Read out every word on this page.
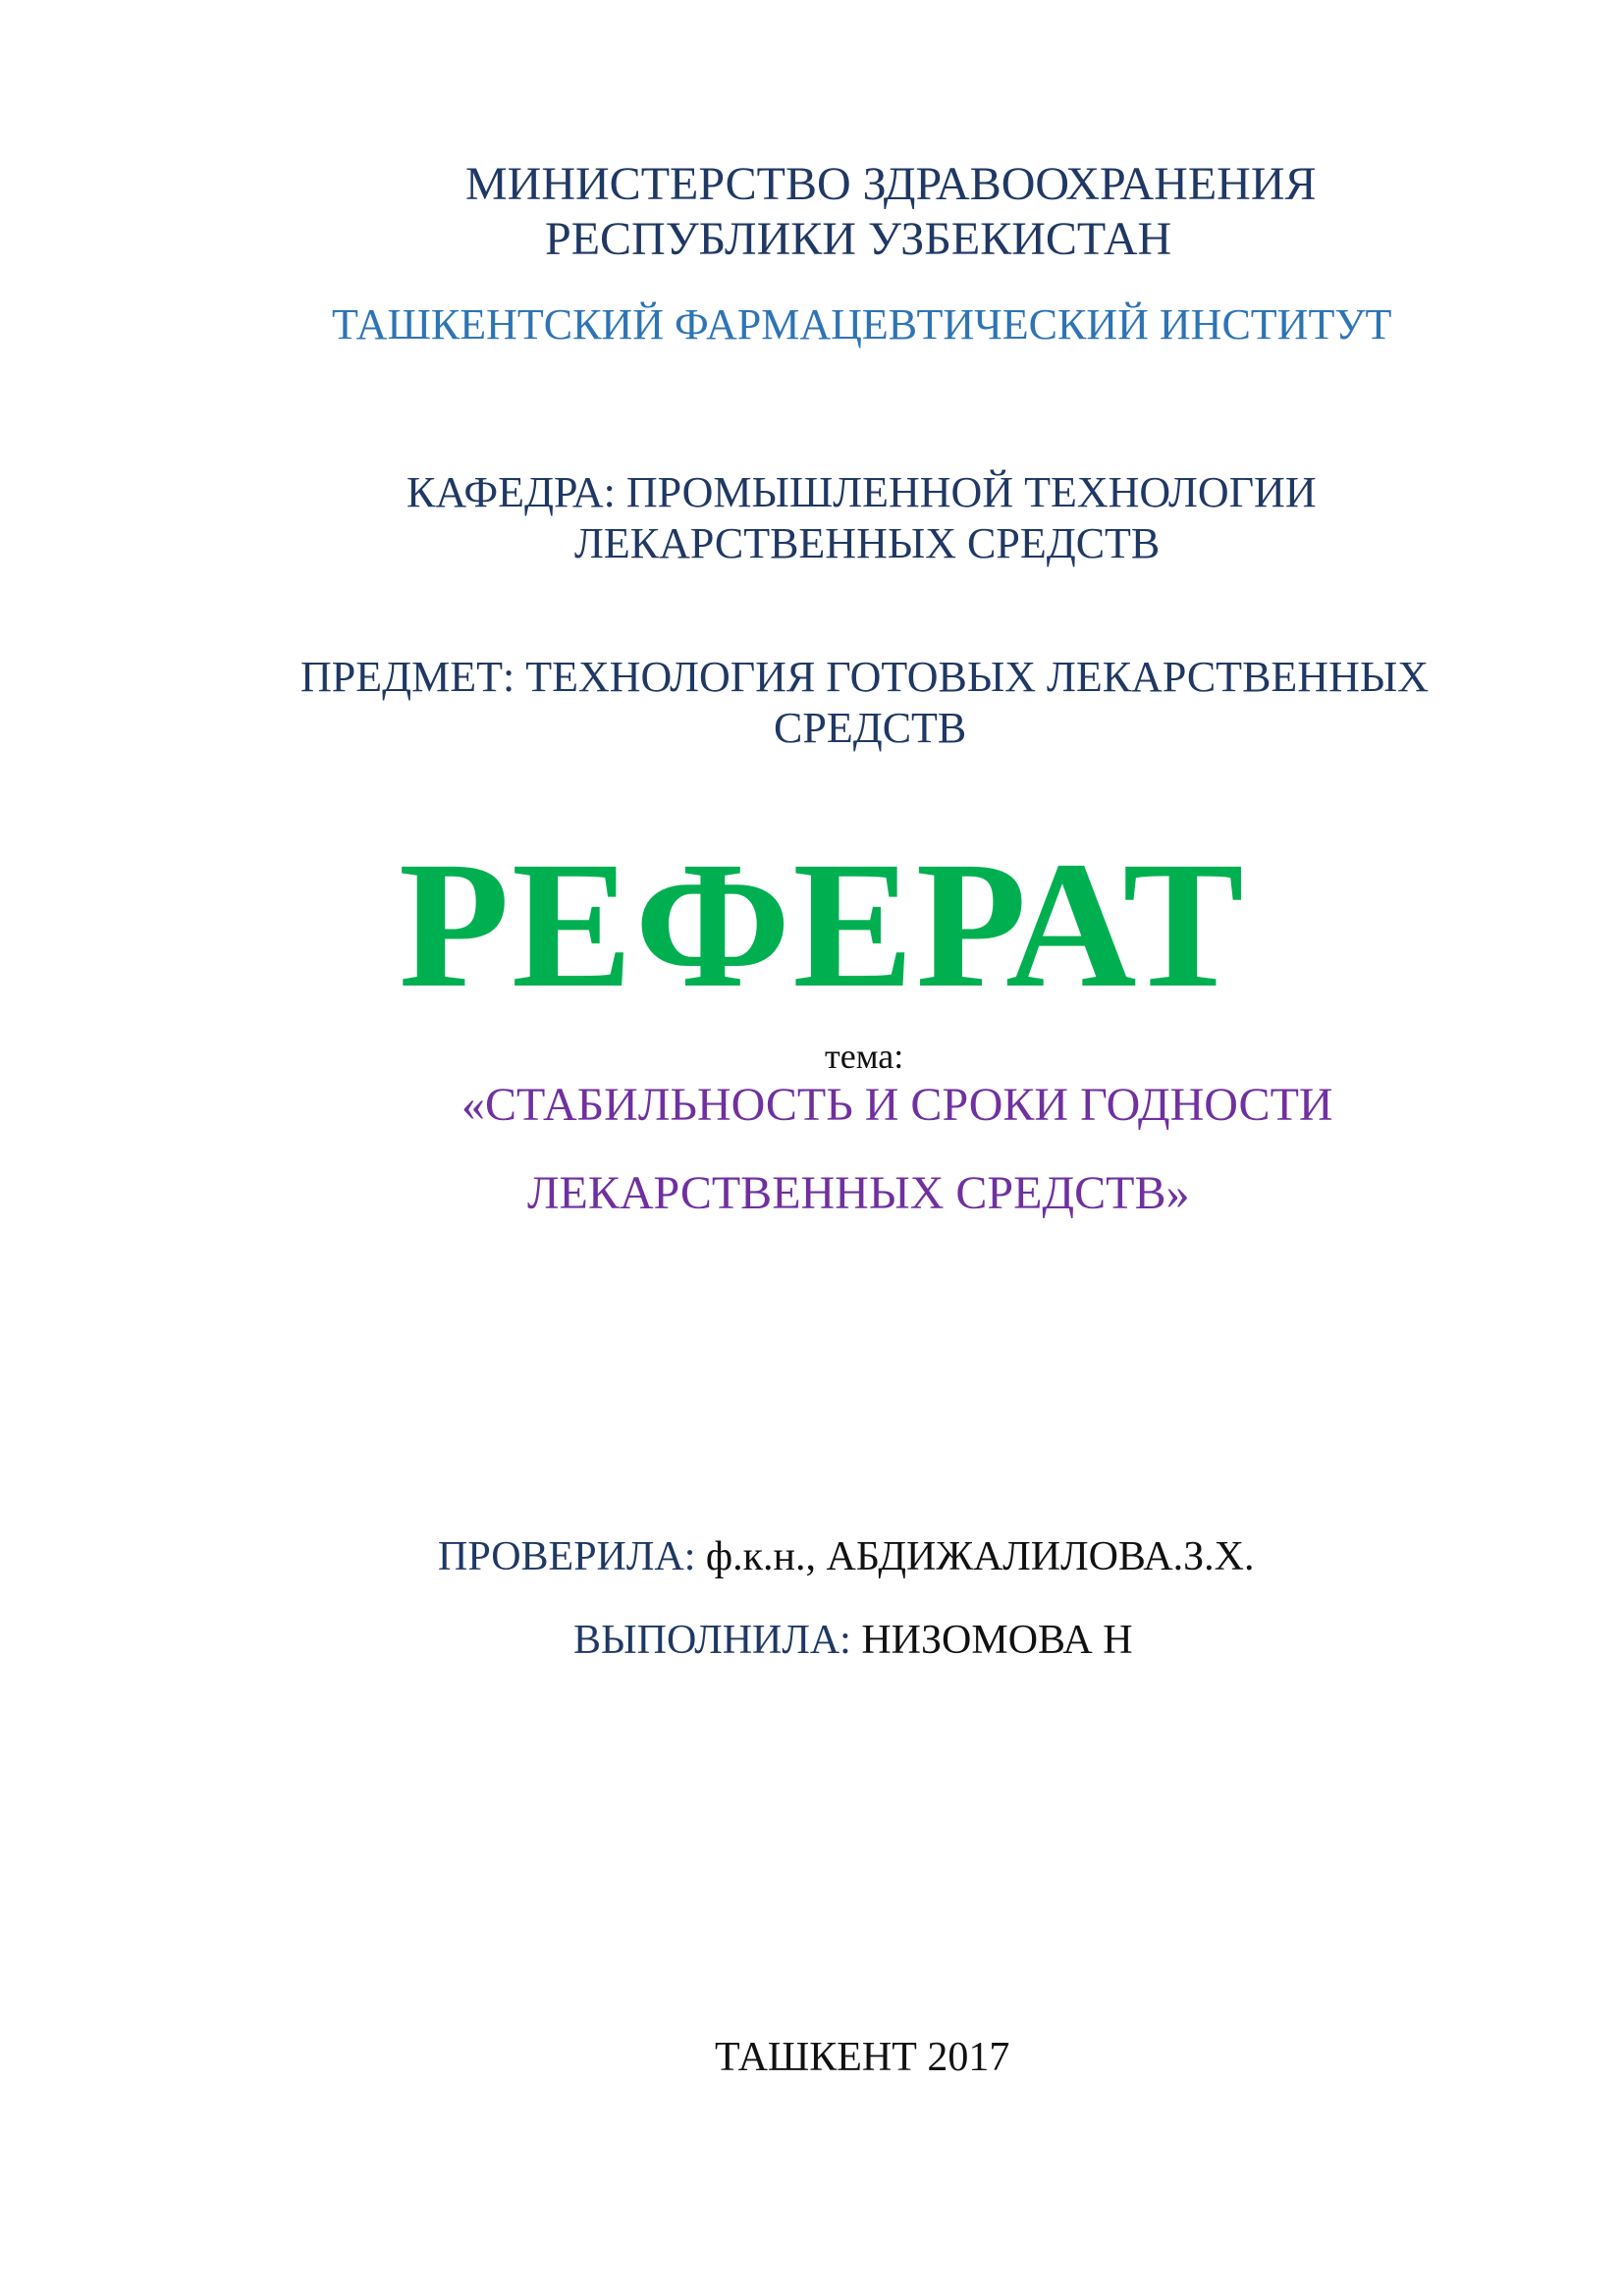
МИНИСТЕРСТВО ЗДРАВООХРАНЕНИЯ
РЕСПУБЛИКИ УЗБЕКИСТАН
ТАШКЕНТСКИЙ ФАРМАЦЕВТИЧЕСКИЙ ИНСТИТУТ
КАФЕДРА: ПРОМЫШЛЕННОЙ ТЕХНОЛОГИИ
ЛЕКАРСТВЕННЫХ СРЕДСТВ
ПРЕДМЕТ: ТЕХНОЛОГИЯ ГОТОВЫХ ЛЕКАРСТВЕННЫХ
СРЕДСТВ
РЕФЕРАТ
тема:
«СТАБИЛЬНОСТЬ И СРОКИ ГОДНОСТИ
ЛЕКАРСТВЕННЫХ СРЕДСТВ»
ПРОВЕРИЛА: ф.к.н., АБДИЖАЛИЛОВА.З.Х.
ВЫПОЛНИЛА: НИЗОМОВА Н
ТАШКЕНТ 2017
